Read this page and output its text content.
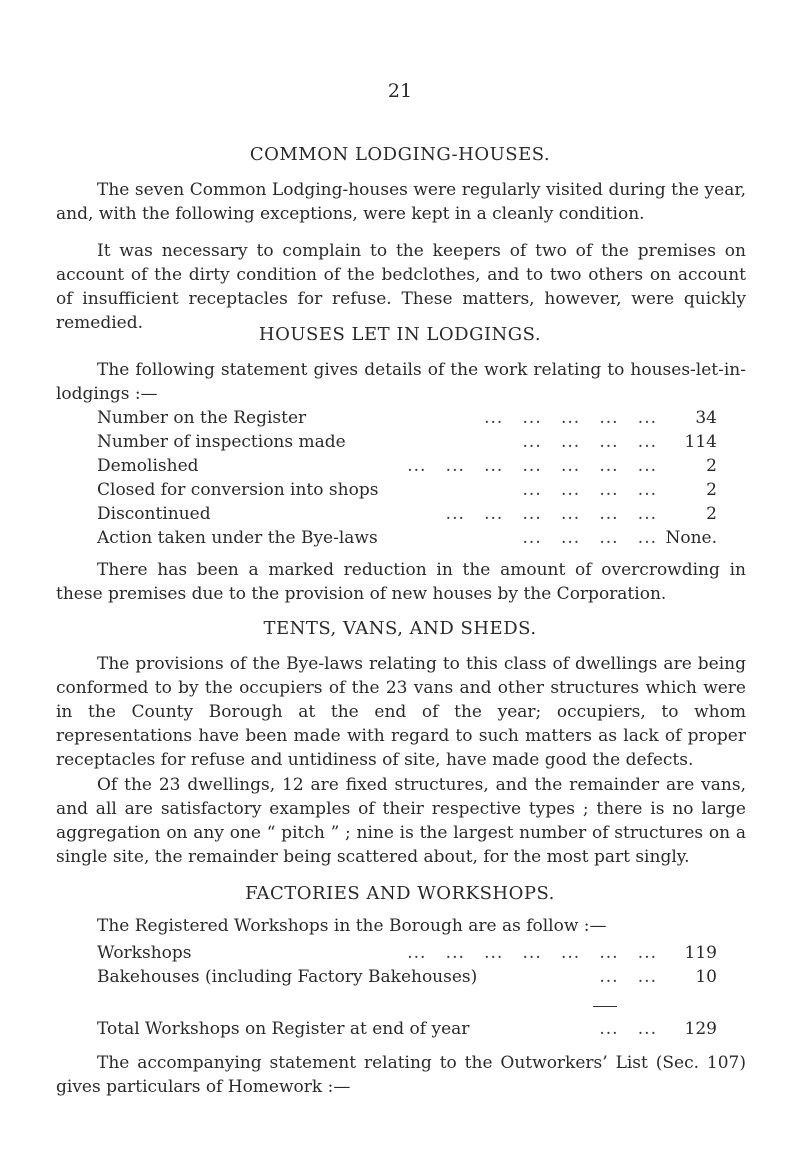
21
COMMON LODGING-HOUSES.
The seven Common Lodging-houses were regularly visited during the year, and, with the following exceptions, were kept in a cleanly condition.
It was necessary to complain to the keepers of two of the premises on account of the dirty condition of the bedclothes, and to two others on account of insufficient receptacles for refuse. These matters, however, were quickly remedied.
HOUSES LET IN LODGINGS.
The following statement gives details of the work relating to houses-let-in-lodgings :—
...   ...   ...   ...   ...
Number on the Register	34
...   ...   ...   ...
Number of inspections made	114
...   ...   ...   ...   ...   ...   ...
Demolished	2
...   ...   ...   ...
Closed for conversion into shops	2
...   ...   ...   ...   ...   ...
Discontinued	2
...   ...   ...   ...
Action taken under the Bye-laws	None.
There has been a marked reduction in the amount of overcrowding in these premises due to the provision of new houses by the Corporation.
TENTS, VANS, AND SHEDS.
The provisions of the Bye-laws relating to this class of dwellings are being conformed to by the occupiers of the 23 vans and other structures which were in the County Borough at the end of the year; occupiers, to whom representations have been made with regard to such matters as lack of proper receptacles for refuse and untidiness of site, have made good the defects.
Of the 23 dwellings, 12 are fixed structures, and the remainder are vans, and all are satisfactory examples of their respective types ; there is no large aggregation on any one “ pitch ” ; nine is the largest number of structures on a single site, the remainder being scattered about, for the most part singly.
FACTORIES AND WORKSHOPS.
The Registered Workshops in the Borough are as follow :—
...   ...   ...   ...   ...   ...   ...
Workshops	119
...   ...
Bakehouses (including Factory Bakehouses)	10
...   ...
Total Workshops on Register at end of year	129
The accompanying statement relating to the Outworkers’ List (Sec. 107) gives particulars of Homework :—
